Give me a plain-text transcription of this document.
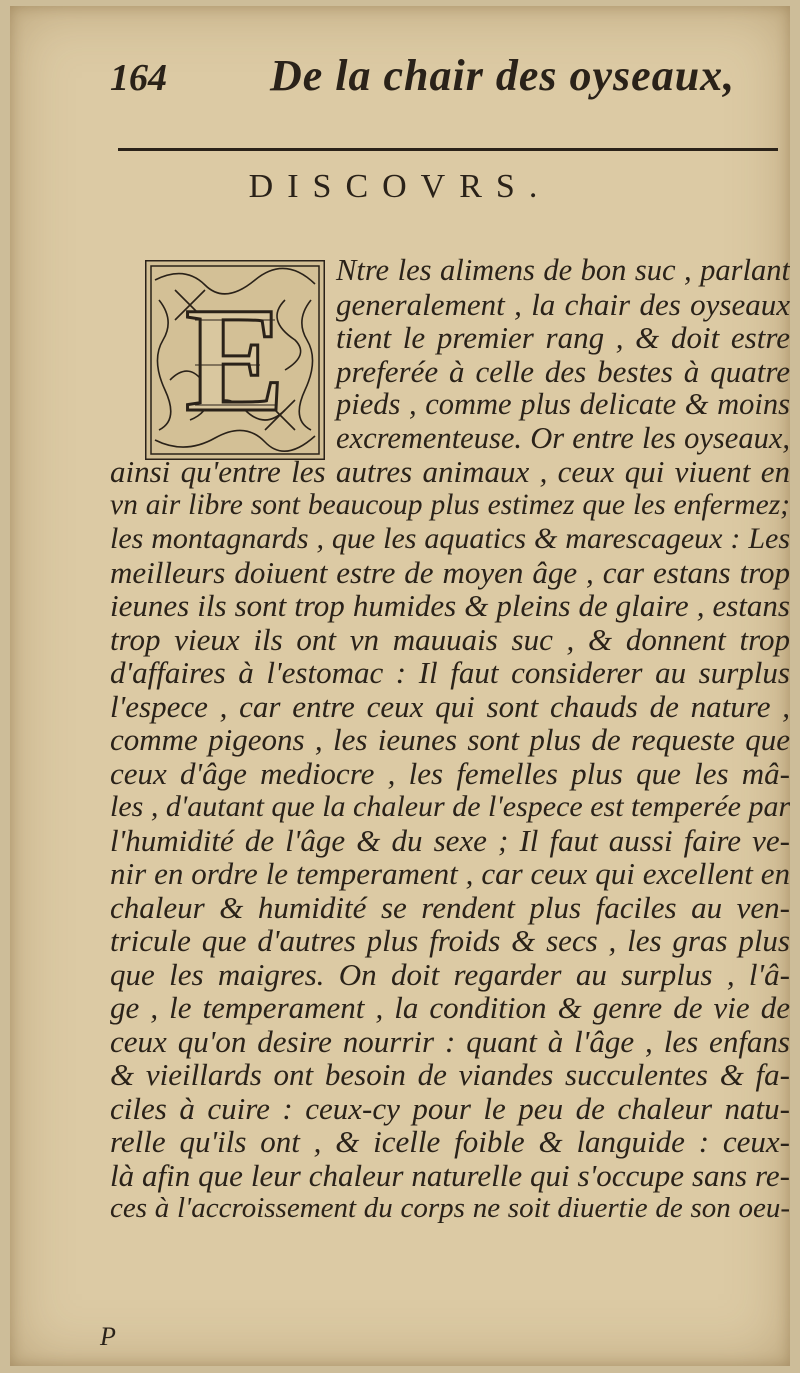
164 De la chair des oyseaux,
DISCOVRS.
E
Ntre les alimens de bon suc , parlant
generalement , la chair des oyseaux
tient le premier rang , & doit estre
preferée à celle des bestes à quatre
pieds , comme plus delicate & moins
excrementeuse. Or entre les oyseaux,
ainsi qu'entre les autres animaux , ceux qui viuent en
vn air libre sont beaucoup plus estimez que les enfermez;
les montagnards , que les aquatics & marescageux : Les
meilleurs doiuent estre de moyen âge , car estans trop
ieunes ils sont trop humides & pleins de glaire , estans
trop vieux ils ont vn mauuais suc , & donnent trop
d'affaires à l'estomac : Il faut considerer au surplus
l'espece , car entre ceux qui sont chauds de nature ,
comme pigeons , les ieunes sont plus de requeste que
ceux d'âge mediocre , les femelles plus que les mâ-
les , d'autant que la chaleur de l'espece est temperée par
l'humidité de l'âge & du sexe ; Il faut aussi faire ve-
nir en ordre le temperament , car ceux qui excellent en
chaleur & humidité se rendent plus faciles au ven-
tricule que d'autres plus froids & secs , les gras plus
que les maigres. On doit regarder au surplus , l'â-
ge , le temperament , la condition & genre de vie de
ceux qu'on desire nourrir : quant à l'âge , les enfans
& vieillards ont besoin de viandes succulentes & fa-
ciles à cuire : ceux-cy pour le peu de chaleur natu-
relle qu'ils ont , & icelle foible & languide : ceux-
là afin que leur chaleur naturelle qui s'occupe sans re-
ces à l'accroissement du corps ne soit diuertie de son oeu-
P
